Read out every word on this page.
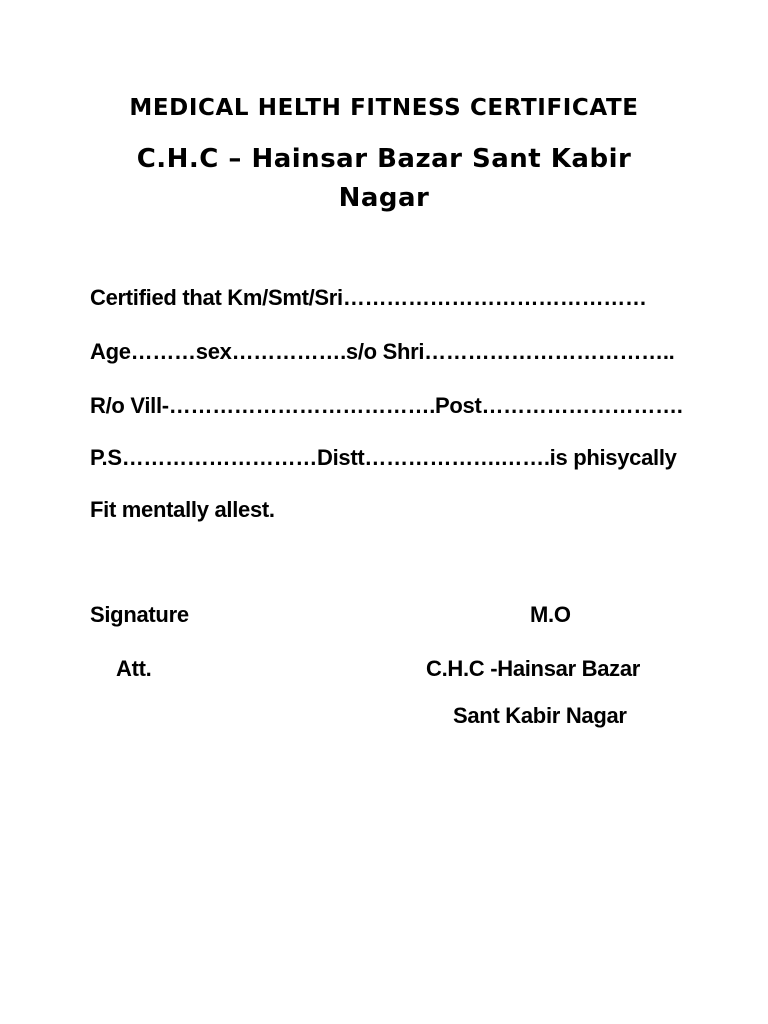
MEDICAL HELTH FITNESS CERTIFICATE
C.H.C – Hainsar Bazar Sant Kabir Nagar
Certified that Km/Smt/Sri……………………………………
Age………sex…………….s/o Shri……………………………..
R/o Vill-……………………………….Post……………………….
P.S………………………Distt……………….…….is phisycally
Fit mentally allest.
Signature
Att.
M.O
C.H.C -Hainsar Bazar
Sant Kabir Nagar
